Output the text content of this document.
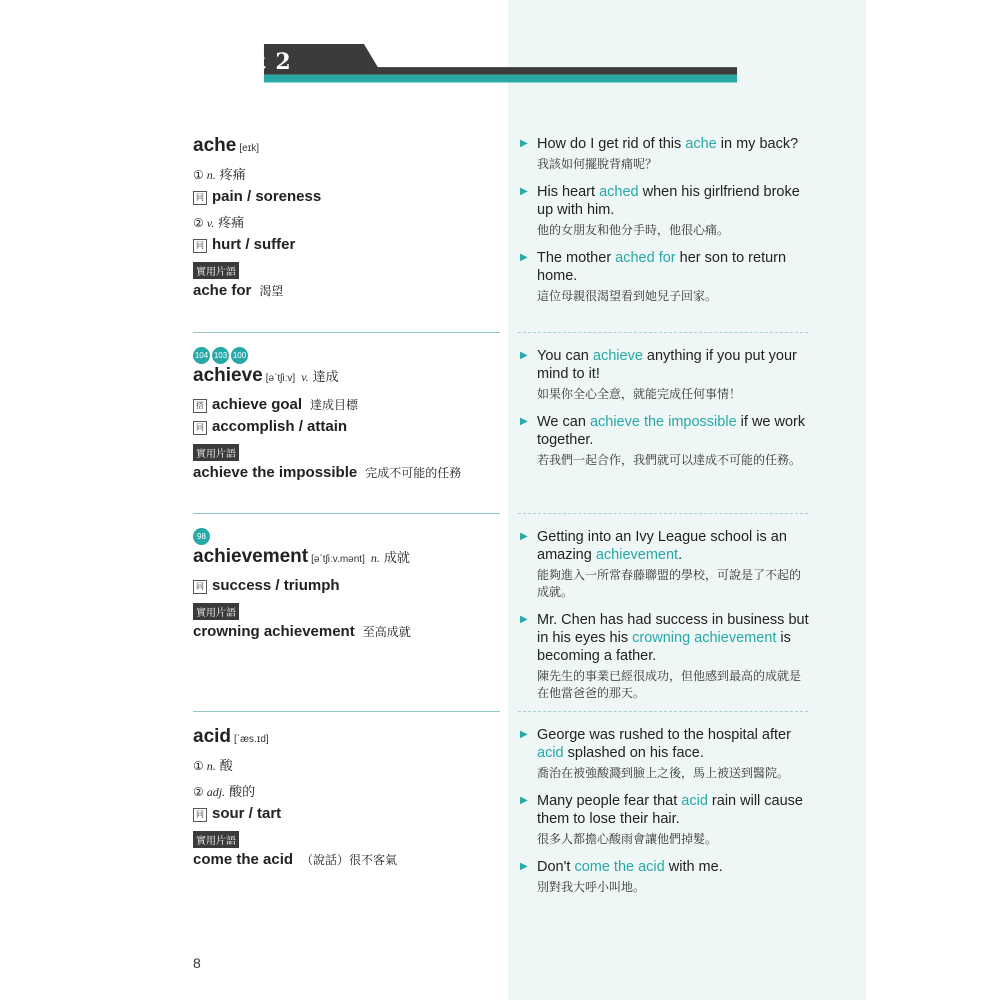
Unit 2
ache [eɪk]
① n. 疼痛
同 pain / soreness
② v. 疼痛
同 hurt / suffer
實用片語
ache for 渴望
▶ How do I get rid of this ache in my back?
我該如何擺脫背痛呢？
▶ His heart ached when his girlfriend broke up with him.
他的女朋友和他分手時，他很心痛。
▶ The mother ached for her son to return home.
這位母親很渴望看到她兒子回家。
104 103 100
achieve [əˋtʃiːv] v. 達成
搭 achieve goal 達成目標
同 accomplish / attain
實用片語
achieve the impossible 完成不可能的任務
▶ You can achieve anything if you put your mind to it!
如果你全心全意，就能完成任何事情！
▶ We can achieve the impossible if we work together.
若我們一起合作，我們就可以達成不可能的任務。
98
achievement [əˋtʃiːv.mənt] n. 成就
同 success / triumph
實用片語
crowning achievement 至高成就
▶ Getting into an Ivy League school is an amazing achievement.
能夠進入一所常春藤聯盟的學校，可說是了不起的成就。
▶ Mr. Chen has had success in business but in his eyes his crowning achievement is becoming a father.
陳先生的事業已經很成功，但他感到最高的成就是在他當爸爸的那天。
acid [ˋæs.ɪd]
① n. 酸
② adj. 酸的
同 sour / tart
實用片語
come the acid （說話）很不客氣
▶ George was rushed to the hospital after acid splashed on his face.
喬治在被強酸濺到臉上之後，馬上被送到醫院。
▶ Many people fear that acid rain will cause them to lose their hair.
很多人都擔心酸雨會讓他們掉髮。
▶ Don't come the acid with me.
別對我大呼小叫地。
8
